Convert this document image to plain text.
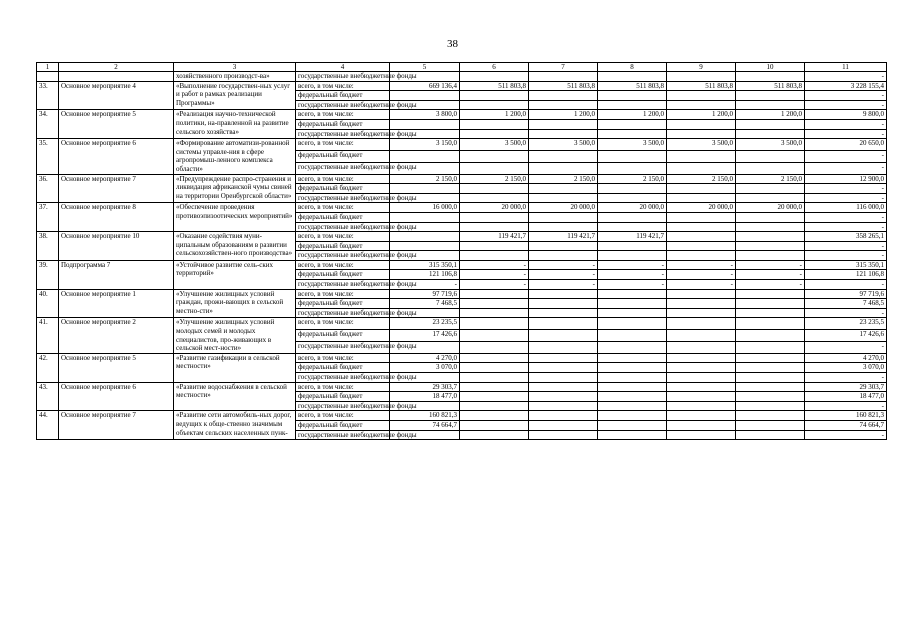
38
1	2	3	4	5	6	7	8	9	10	11
		хозяйственного производст-ва»	государственные внебюджетные фонды							-
33.	Основное мероприятие 4	«Выполнение государствен-ных услуг и работ в рамках реализации Программы»	всего, в том числе:	669 136,4	511 803,8	511 803,8	511 803,8	511 803,8	511 803,8	3 228 155,4
			федеральный бюджет							-
			государственные внебюджетные фонды							-
34.	Основное мероприятие 5	«Реализация научно-технической политики, на-правленной на развитие сельского хозяйства»	всего, в том числе:	3 800,0	1 200,0	1 200,0	1 200,0	1 200,0	1 200,0	9 800,0
			федеральный бюджет							-
			государственные внебюджетные фонды							-
35.	Основное мероприятие 6	«Формирование автоматизи-рованной системы управле-ния в сфере агропромыш-ленного комплекса области»	всего, в том числе:	3 150,0	3 500,0	3 500,0	3 500,0	3 500,0	3 500,0	20 650,0
			федеральный бюджет							-
			государственные внебюджетные фонды							-
36.	Основное мероприятие 7	«Предупреждение распро-странения и ликвидация африканской чумы свиней на территории Оренбургской области»	всего, в том числе:	2 150,0	2 150,0	2 150,0	2 150,0	2 150,0	2 150,0	12 900,0
			федеральный бюджет							-
			государственные внебюджетные фонды							-
37.	Основное мероприятие 8	«Обеспечение проведения противоэпизоотических мероприятий»	всего, в том числе:	16 000,0	20 000,0	20 000,0	20 000,0	20 000,0	20 000,0	116 000,0
			федеральный бюджет							-
			государственные внебюджетные фонды							-
38.	Основное мероприятие 10	«Оказание содействия муни-ципальным образованиям в развитии сельскохозяйствен-ного производства»	всего, в том числе:		119 421,7	119 421,7	119 421,7			358 265,1
			федеральный бюджет							-
			государственные внебюджетные фонды							-
39.	Подпрограмма 7	«Устойчивое развитие сель-ских территорий»	всего, в том числе:	315 350,1	-	-	-	-	-	315 350,1
			федеральный бюджет	121 106,8	-	-	-	-	-	121 106,8
			государственные внебюджетные фонды	-	-	-	-	-	-	-
40.	Основное мероприятие 1	«Улучшение жилищных условий граждан, прожи-вающих в сельской местно-сти»	всего, в том числе:	97 719,6						97 719,6
			федеральный бюджет	7 468,5						7 468,5
			государственные внебюджетные фонды							-
41.	Основное мероприятие 2	«Улучшение жилищных условий молодых семей и молодых специалистов, про-живающих в сельской мест-ности»	всего, в том числе:	23 235,5						23 235,5
			федеральный бюджет	17 426,6						17 426,6
			государственные внебюджетные фонды							-
42.	Основное мероприятие 5	«Развитие газификации в сельской местности»	всего, в том числе:	4 270,0						4 270,0
			федеральный бюджет	3 070,0						3 070,0
			государственные внебюджетные фонды							-
43.	Основное мероприятие 6	«Развитие водоснабжения в сельской местности»	всего, в том числе:	29 303,7						29 303,7
			федеральный бюджет	18 477,0						18 477,0
			государственные внебюджетные фонды							-
44.	Основное мероприятие 7	«Развитие сети автомобиль-ных дорог, ведущих к обще-ственно значимым объектам сельских населенных пунк-	всего, в том числе:	160 821,3						160 821,3
			федеральный бюджет	74 664,7						74 664,7
			государственные внебюджетные фонды							-
